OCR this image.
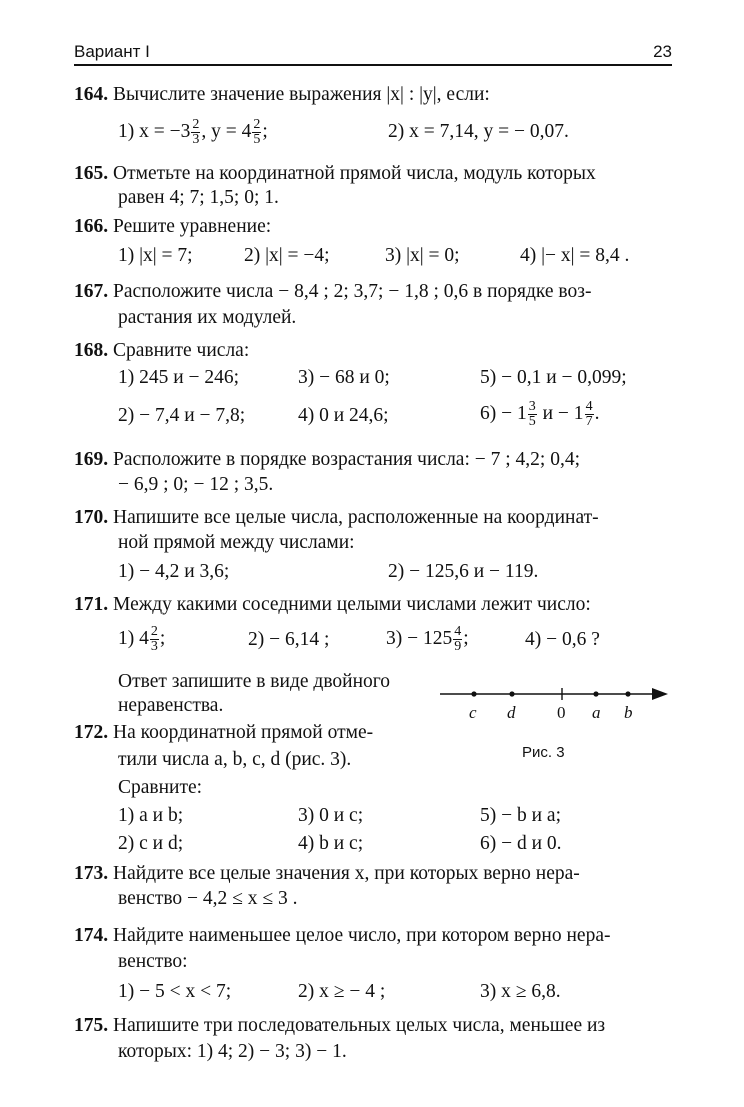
Вариант I	23
164. Вычислите значение выражения |x| : |y|, если:
1) $x = -3 \frac{2}{3}$ , $y = 4 \frac{2}{5}$ ;	2) x = 7,14, y = − 0,07.
165. Отметьте на координатной прямой числа, модуль которых
равен 4; 7; 1,5; 0; 1.
166. Решите уравнение:
1) |x| = 7;	2) |x| = −4;	3) |x| = 0;	4) |− x| = 8,4 .
167. Расположите числа − 8,4 ; 2; 3,7; − 1,8 ; 0,6 в порядке воз-
растания их модулей.
168. Сравните числа:
1) 245 и − 246;	3) − 68 и 0;	5) − 0,1 и − 0,099;
2) − 7,4 и − 7,8;	4) 0 и 24,6;	$6) - 1 \frac{3}{5}$ $и - 1 \frac{4}{7}$ .
169. Расположите в порядке возрастания числа: − 7 ; 4,2; 0,4;
− 6,9 ; 0; − 12 ; 3,5.
170. Напишите все целые числа, расположенные на координат-
ной прямой между числами:
1) − 4,2 и 3,6;	2) − 125,6 и − 119.
171. Между какими соседними целыми числами лежит число:
1) $4 \frac{2}{3}$ ;	2) − 6,14 ;	$3) - 125 \frac{4}{9}$ ;	4) − 0,6 ?
Ответ запишите в виде двойного
неравенства.	c d 0 a b
Рис. 3
172. На координатной прямой отме-
тили числа a, b, c, d (рис. 3).
Сравните:
1) a и b;	3) 0 и c;	5) − b и a;
2) c и d;	4) b и c;	6) − d и 0.
173. Найдите все целые значения x, при которых верно нера-
венство − 4,2 ≤ x ≤ 3 .
174. Найдите наименьшее целое число, при котором верно нера-
венство:
1) − 5 < x < 7;	2) x ≥ − 4 ;	3) x ≥ 6,8.
175. Напишите три последовательных целых числа, меньшее из
которых: 1) 4; 2) − 3; 3) − 1.
